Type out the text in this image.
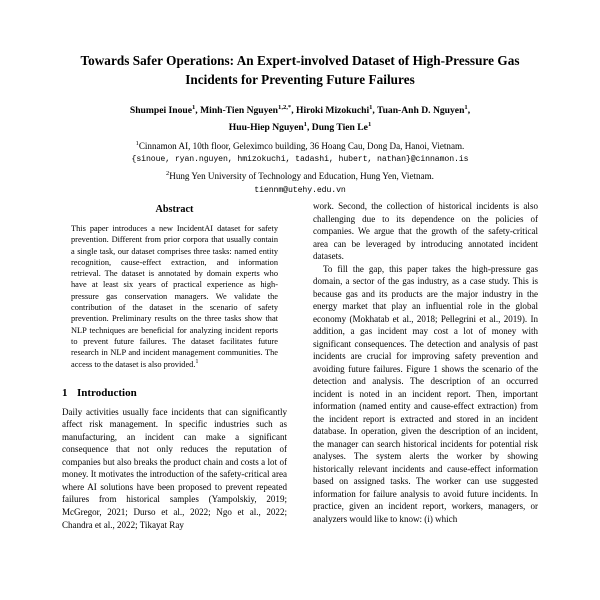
Towards Safer Operations: An Expert-involved Dataset of High-Pressure Gas Incidents for Preventing Future Failures
Shumpei Inoue$^1$, Minh-Tien Nguyen$^{1,2,*}$, Hiroki Mizokuchi$^1$, Tuan-Anh D. Nguyen$^1$,
Huu-Hiep Nguyen$^1$, Dung Tien Le$^1$
$^1$Cinnamon AI, 10th floor, Geleximco building, 36 Hoang Cau, Dong Da, Hanoi, Vietnam.
{sinoue, ryan.nguyen, hmizokuchi, tadashi, hubert, nathan}@cinnamon.is
$^2$Hung Yen University of Technology and Education, Hung Yen, Vietnam.
tiennm@utehy.edu.vn
Abstract

This paper introduces a new IncidentAI dataset for safety prevention. Different from prior corpora that usually contain a single task, our dataset comprises three tasks: named entity recognition, cause-effect extraction, and information retrieval. The dataset is annotated by domain experts who have at least six years of practical experience as high-pressure gas conservation managers. We validate the contribution of the dataset in the scenario of safety prevention. Preliminary results on the three tasks show that NLP techniques are beneficial for analyzing incident reports to prevent future failures. The dataset facilitates future research in NLP and incident management communities. The access to the dataset is also provided.$^1$

1 Introduction

Daily activities usually face incidents that can significantly affect risk management. In specific industries such as manufacturing, an incident can make a significant consequence that not only reduces the reputation of companies but also breaks the product chain and costs a lot of money. It motivates the introduction of the safety-critical area where AI solutions have been proposed to prevent repeated failures from historical samples (Yampolskiy, 2019; McGregor, 2021; Durso et al., 2022; Ngo et al., 2022; Chandra et al., 2022; Tikayat Ray

work. Second, the collection of historical incidents is also challenging due to its dependence on the policies of companies. We argue that the growth of the safety-critical area can be leveraged by introducing annotated incident datasets.

To fill the gap, this paper takes the high-pressure gas domain, a sector of the gas industry, as a case study. This is because gas and its products are the major industry in the energy market that play an influential role in the global economy (Mokhatab et al., 2018; Pellegrini et al., 2019). In addition, a gas incident may cost a lot of money with significant consequences. The detection and analysis of past incidents are crucial for improving safety prevention and avoiding future failures. Figure 1 shows the scenario of the detection and analysis. The description of an occurred incident is noted in an incident report. Then, important information (named entity and cause-effect extraction) from the incident report is extracted and stored in an incident database. In operation, given the description of an incident, the manager can search historical incidents for potential risk analyses. The system alerts the worker by showing historically relevant incidents and cause-effect information based on assigned tasks. The worker can use suggested information for failure analysis to avoid future incidents. In practice, given an incident report, workers, managers, or analyzers would like to know: (i) which
